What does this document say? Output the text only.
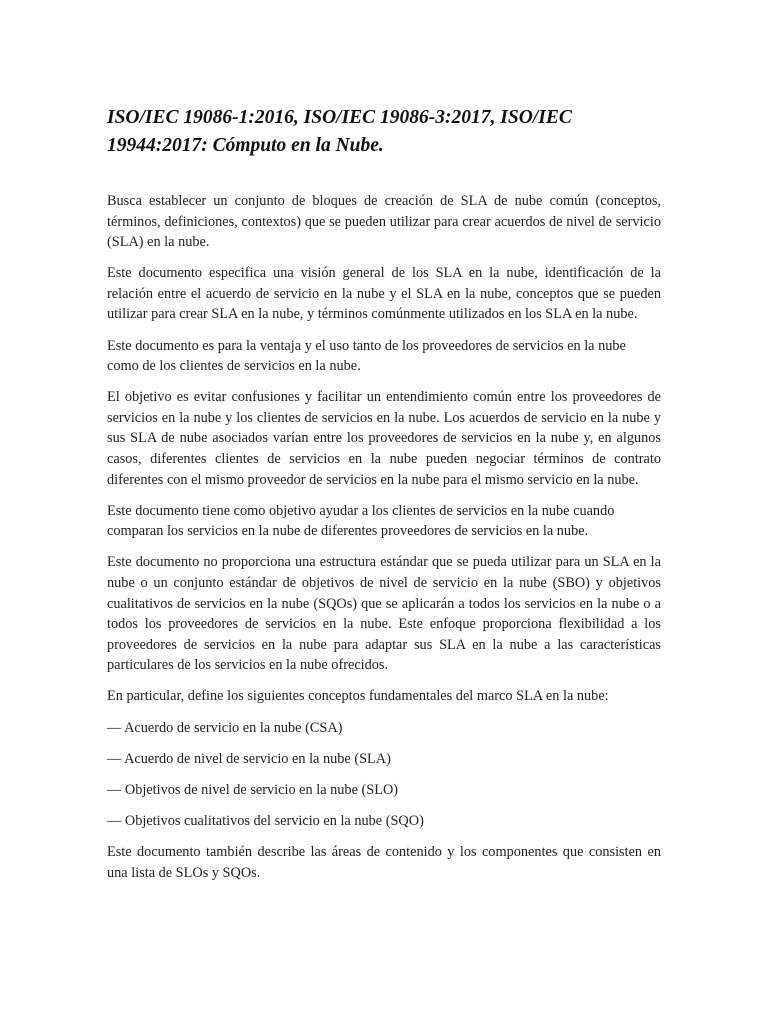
ISO/IEC 19086-1:2016, ISO/IEC 19086-3:2017, ISO/IEC 19944:2017: Cómputo en la Nube.

Busca establecer un conjunto de bloques de creación de SLA de nube común (conceptos, términos, definiciones, contextos) que se pueden utilizar para crear acuerdos de nivel de servicio (SLA) en la nube.

Este documento especifica una visión general de los SLA en la nube, identificación de la relación entre el acuerdo de servicio en la nube y el SLA en la nube, conceptos que se pueden utilizar para crear SLA en la nube, y términos comúnmente utilizados en los SLA en la nube.

Este documento es para la ventaja y el uso tanto de los proveedores de servicios en la nube como de los clientes de servicios en la nube.

El objetivo es evitar confusiones y facilitar un entendimiento común entre los proveedores de servicios en la nube y los clientes de servicios en la nube. Los acuerdos de servicio en la nube y sus SLA de nube asociados varían entre los proveedores de servicios en la nube y, en algunos casos, diferentes clientes de servicios en la nube pueden negociar términos de contrato diferentes con el mismo proveedor de servicios en la nube para el mismo servicio en la nube.

Este documento tiene como objetivo ayudar a los clientes de servicios en la nube cuando comparan los servicios en la nube de diferentes proveedores de servicios en la nube.

Este documento no proporciona una estructura estándar que se pueda utilizar para un SLA en la nube o un conjunto estándar de objetivos de nivel de servicio en la nube (SBO) y objetivos cualitativos de servicios en la nube (SQOs) que se aplicarán a todos los servicios en la nube o a todos los proveedores de servicios en la nube. Este enfoque proporciona flexibilidad a los proveedores de servicios en la nube para adaptar sus SLA en la nube a las características particulares de los servicios en la nube ofrecidos.

En particular, define los siguientes conceptos fundamentales del marco SLA en la nube:

— Acuerdo de servicio en la nube (CSA)
— Acuerdo de nivel de servicio en la nube (SLA)
— Objetivos de nivel de servicio en la nube (SLO)
— Objetivos cualitativos del servicio en la nube (SQO)

Este documento también describe las áreas de contenido y los componentes que consisten en una lista de SLOs y SQOs.
